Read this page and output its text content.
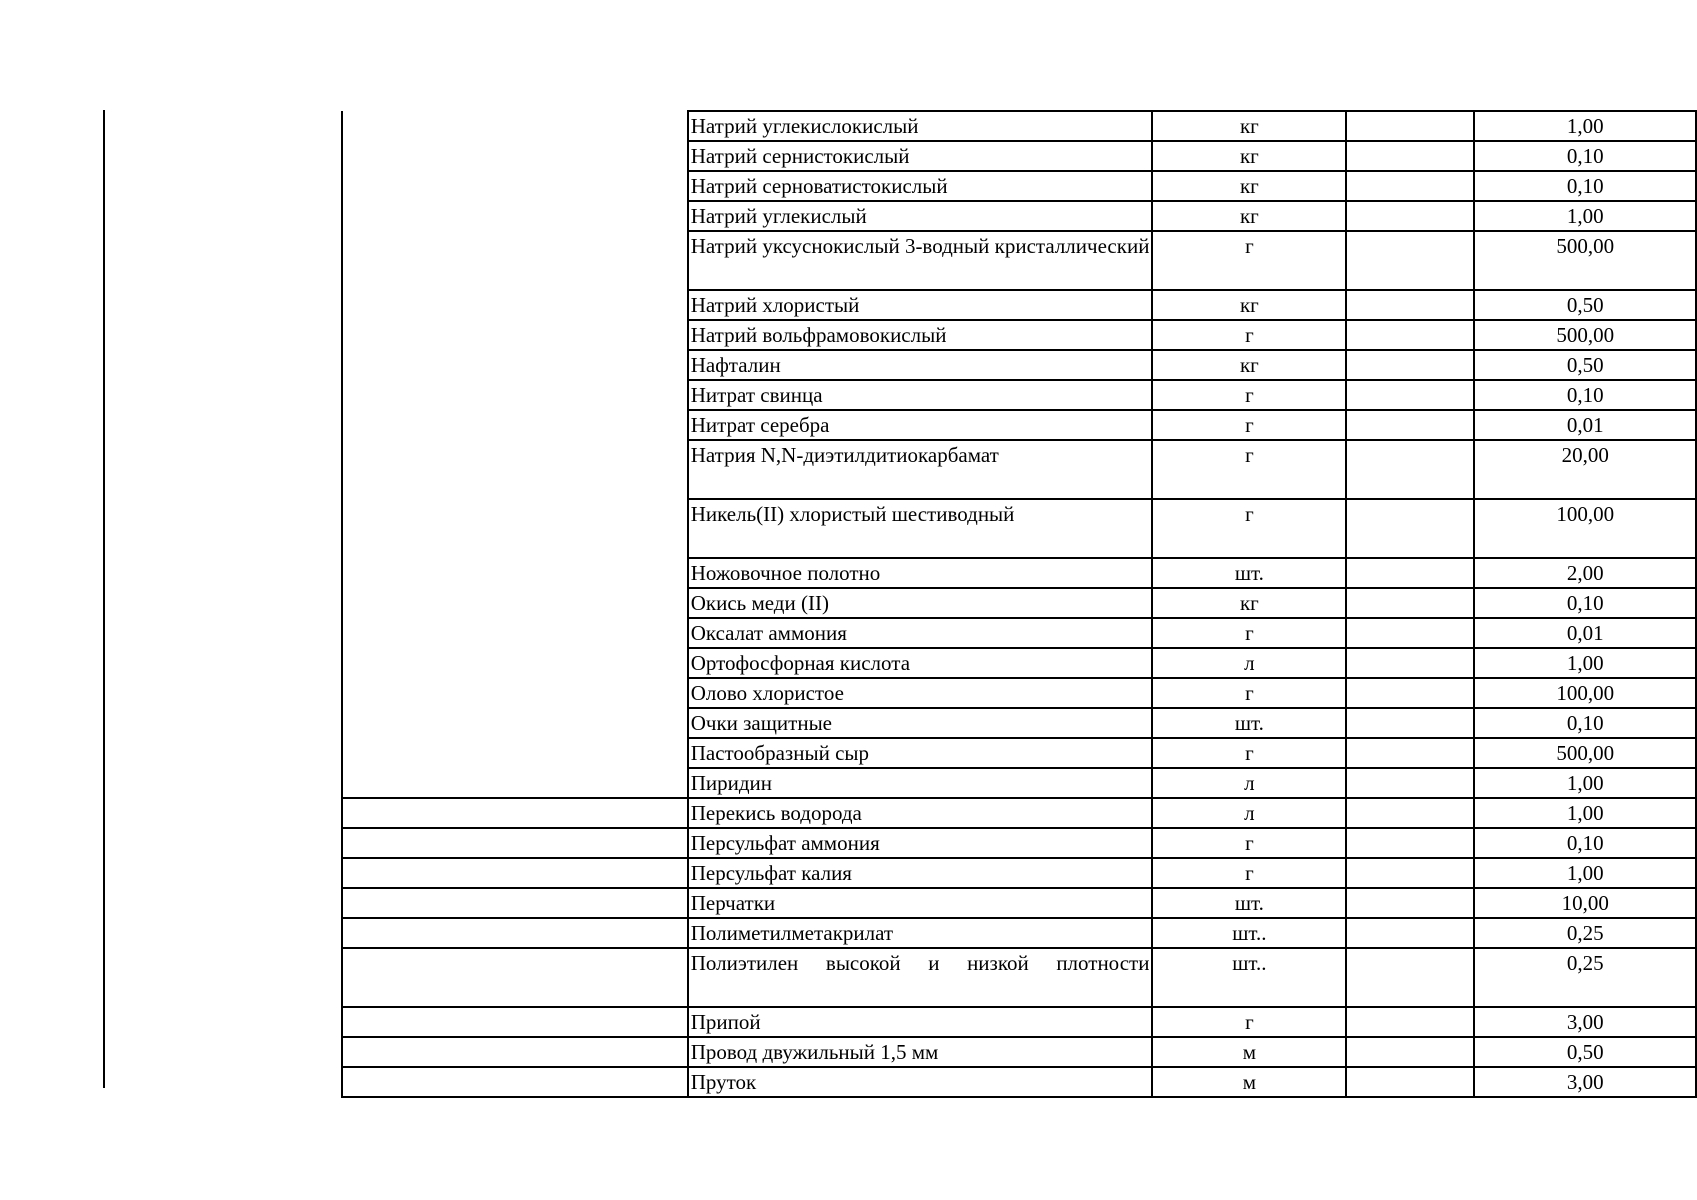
	Натрий углекислокислый	кг		1,00
	Натрий сернистокислый	кг		0,10
	Натрий серноватистокислый	кг		0,10
	Натрий углекислый	кг		1,00
	Натрий уксуснокислый 3-водный кристаллический	г		500,00
	Натрий хлористый	кг		0,50
	Натрий вольфрамовокислый	г		500,00
	Нафталин	кг		0,50
	Нитрат свинца	г		0,10
	Нитрат серебра	г		0,01
	Натрия N,N-диэтилдитиокарбамат	г		20,00
	Никель(II) хлористый шестиводный	г		100,00
	Ножовочное полотно	шт.		2,00
	Окись меди (II)	кг		0,10
	Оксалат аммония	г		0,01
	Ортофосфорная кислота	л		1,00
	Олово хлористое	г		100,00
	Очки защитные	шт.		0,10
	Пастообразный сыр	г		500,00
	Пиридин	л		1,00
	Перекись водорода	л		1,00
	Персульфат аммония	г		0,10
	Персульфат калия	г		1,00
	Перчатки	шт.		10,00
	Полиметилметакрилат	шт..		0,25
	Полиэтилен высокой и низкой плотности	шт..		0,25
	Припой	г		3,00
	Провод двужильный 1,5 мм	м		0,50
	Пруток	м		3,00
